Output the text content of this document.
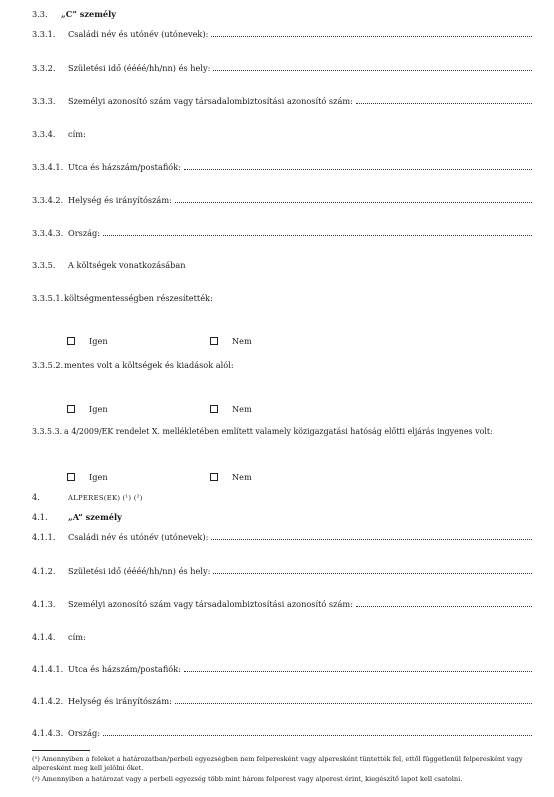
3.3.	„C” személy
3.3.1.	Családi név és utónév (utónevek):
3.3.2.	Születési idő (éééé/hh/nn) és hely:
3.3.3.	Személyi azonosító szám vagy társadalombiztosítási azonosító szám:
3.3.4.	cím:
3.3.4.1. Utca és házszám/postafiók:
3.3.4.2. Helység és irányítószám:
3.3.4.3. Ország:
3.3.5.	A költségek vonatkozásában
3.3.5.1. költségmentességben részesítették:
Igen	Nem
3.3.5.2. mentes volt a költségek és kiadások alól:
Igen	Nem
3.3.5.3. a 4/2009/EK rendelet X. mellékletében említett valamely közigazgatási hatóság előtti eljárás ingyenes volt:
Igen	Nem
4.	ALPERES(EK) (¹) (²)
4.1.	„A” személy
4.1.1.	Családi név és utónév (utónevek):
4.1.2.	Születési idő (éééé/hh/nn) és hely:
4.1.3.	Személyi azonosító szám vagy társadalombiztosítási azonosító szám:
4.1.4.	cím:
4.1.4.1. Utca és házszám/postafiók:
4.1.4.2. Helység és irányítószám:
4.1.4.3. Ország:
(¹) Amennyiben a feleket a határozatban/perbeli egyezségben nem felperesként vagy alperesként tüntették fel, ettől függetlenül felperesként vagy alperesként meg kell jelölni őket.
(²) Amennyiben a határozat vagy a perbeli egyezség több mint három felperest vagy alperest érint, kiegészítő lapot kell csatolni.
